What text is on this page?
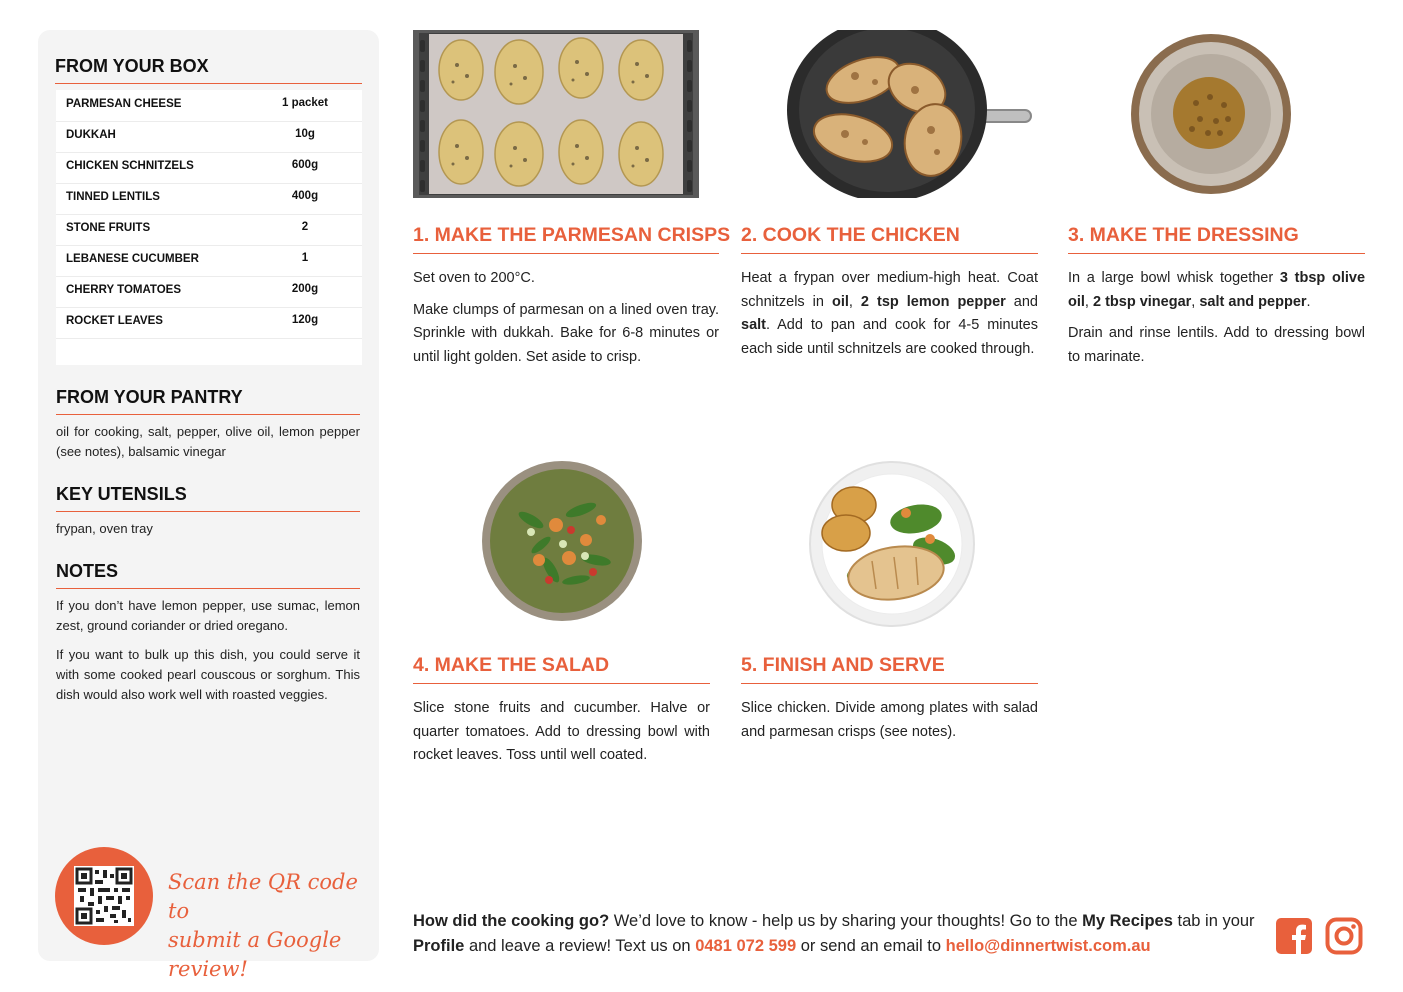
FROM YOUR BOX
PARMESAN CHEESE	1 packet
DUKKAH	10g
CHICKEN SCHNITZELS	600g
TINNED LENTILS	400g
STONE FRUITS	2
LEBANESE CUCUMBER	1
CHERRY TOMATOES	200g
ROCKET LEAVES	120g
FROM YOUR PANTRY
oil for cooking, salt, pepper, olive oil, lemon pepper (see notes), balsamic vinegar
KEY UTENSILS
frypan, oven tray
NOTES
If you don’t have lemon pepper, use sumac, lemon zest, ground coriander or dried oregano.
If you want to bulk up this dish, you could serve it with some cooked pearl couscous or sorghum. This dish would also work well with roasted veggies.
Scan the QR code to
submit a Google review!
1. MAKE THE PARMESAN CRISPS

Set oven to 200°C.

Make clumps of parmesan on a lined oven tray. Sprinkle with dukkah. Bake for 6-8 minutes or until light golden. Set aside to crisp.

2. COOK THE CHICKEN

Heat a frypan over medium-high heat. Coat schnitzels in oil, 2 tsp lemon pepper and salt. Add to pan and cook for 4-5 minutes each side until schnitzels are cooked through.

3. MAKE THE DRESSING

In a large bowl whisk together 3 tbsp olive oil, 2 tbsp vinegar, salt and pepper.

Drain and rinse lentils. Add to dressing bowl to marinate.

4. MAKE THE SALAD

Slice stone fruits and cucumber. Halve or quarter tomatoes. Add to dressing bowl with rocket leaves. Toss until well coated.

5. FINISH AND SERVE

Slice chicken. Divide among plates with salad and parmesan crisps (see notes).

How did the cooking go? We’d love to know - help us by sharing your thoughts! Go to the My Recipes tab in your Profile and leave a review! Text us on 0481 072 599 or send an email to hello@dinnertwist.com.au
